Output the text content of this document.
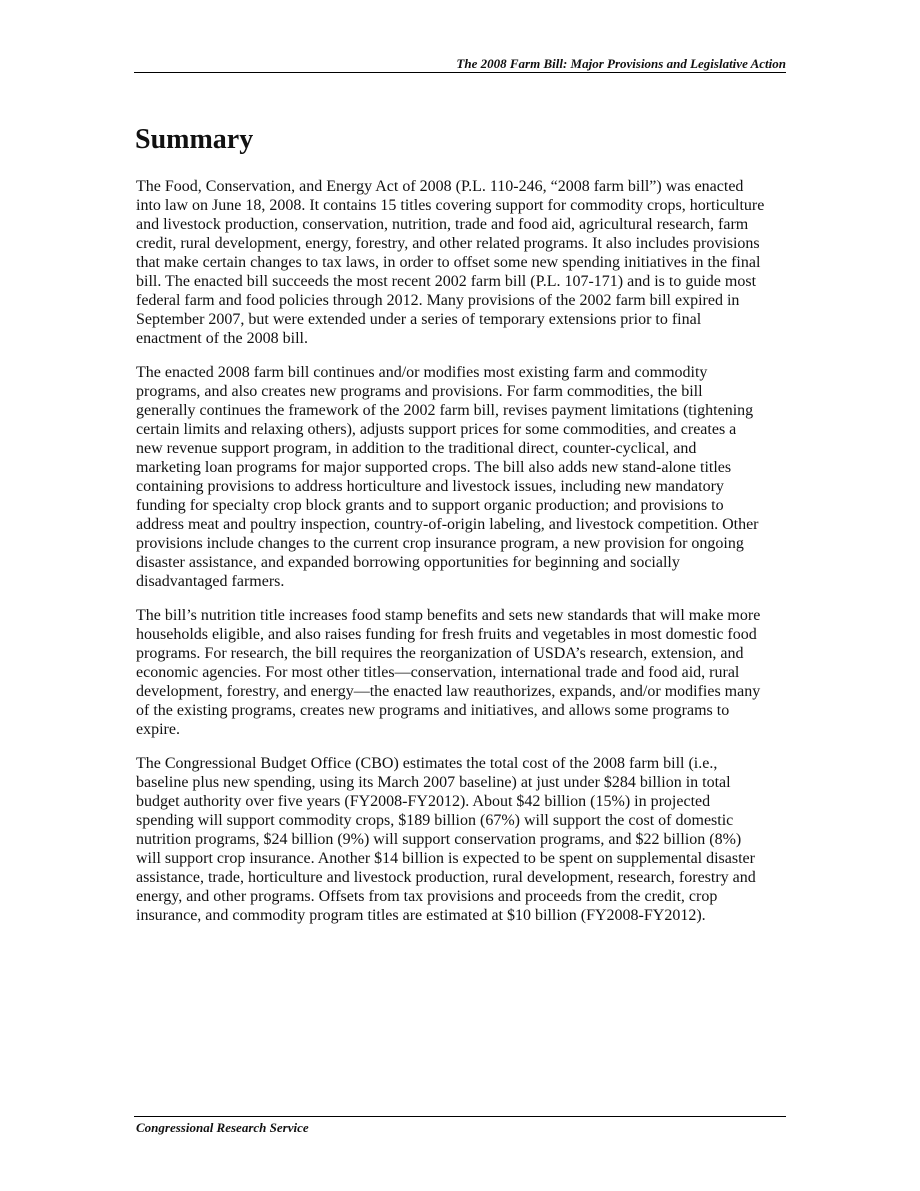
The 2008 Farm Bill: Major Provisions and Legislative Action
Summary

The Food, Conservation, and Energy Act of 2008 (P.L. 110-246, “2008 farm bill”) was enacted
into law on June 18, 2008. It contains 15 titles covering support for commodity crops, horticulture
and livestock production, conservation, nutrition, trade and food aid, agricultural research, farm
credit, rural development, energy, forestry, and other related programs. It also includes provisions
that make certain changes to tax laws, in order to offset some new spending initiatives in the final
bill. The enacted bill succeeds the most recent 2002 farm bill (P.L. 107-171) and is to guide most
federal farm and food policies through 2012. Many provisions of the 2002 farm bill expired in
September 2007, but were extended under a series of temporary extensions prior to final
enactment of the 2008 bill.

The enacted 2008 farm bill continues and/or modifies most existing farm and commodity
programs, and also creates new programs and provisions. For farm commodities, the bill
generally continues the framework of the 2002 farm bill, revises payment limitations (tightening
certain limits and relaxing others), adjusts support prices for some commodities, and creates a
new revenue support program, in addition to the traditional direct, counter-cyclical, and
marketing loan programs for major supported crops. The bill also adds new stand-alone titles
containing provisions to address horticulture and livestock issues, including new mandatory
funding for specialty crop block grants and to support organic production; and provisions to
address meat and poultry inspection, country-of-origin labeling, and livestock competition. Other
provisions include changes to the current crop insurance program, a new provision for ongoing
disaster assistance, and expanded borrowing opportunities for beginning and socially
disadvantaged farmers.

The bill’s nutrition title increases food stamp benefits and sets new standards that will make more
households eligible, and also raises funding for fresh fruits and vegetables in most domestic food
programs. For research, the bill requires the reorganization of USDA’s research, extension, and
economic agencies. For most other titles—conservation, international trade and food aid, rural
development, forestry, and energy—the enacted law reauthorizes, expands, and/or modifies many
of the existing programs, creates new programs and initiatives, and allows some programs to
expire.

The Congressional Budget Office (CBO) estimates the total cost of the 2008 farm bill (i.e.,
baseline plus new spending, using its March 2007 baseline) at just under $284 billion in total
budget authority over five years (FY2008-FY2012). About $42 billion (15%) in projected
spending will support commodity crops, $189 billion (67%) will support the cost of domestic
nutrition programs, $24 billion (9%) will support conservation programs, and $22 billion (8%)
will support crop insurance. Another $14 billion is expected to be spent on supplemental disaster
assistance, trade, horticulture and livestock production, rural development, research, forestry and
energy, and other programs. Offsets from tax provisions and proceeds from the credit, crop
insurance, and commodity program titles are estimated at $10 billion (FY2008-FY2012).

Congressional Research Service
